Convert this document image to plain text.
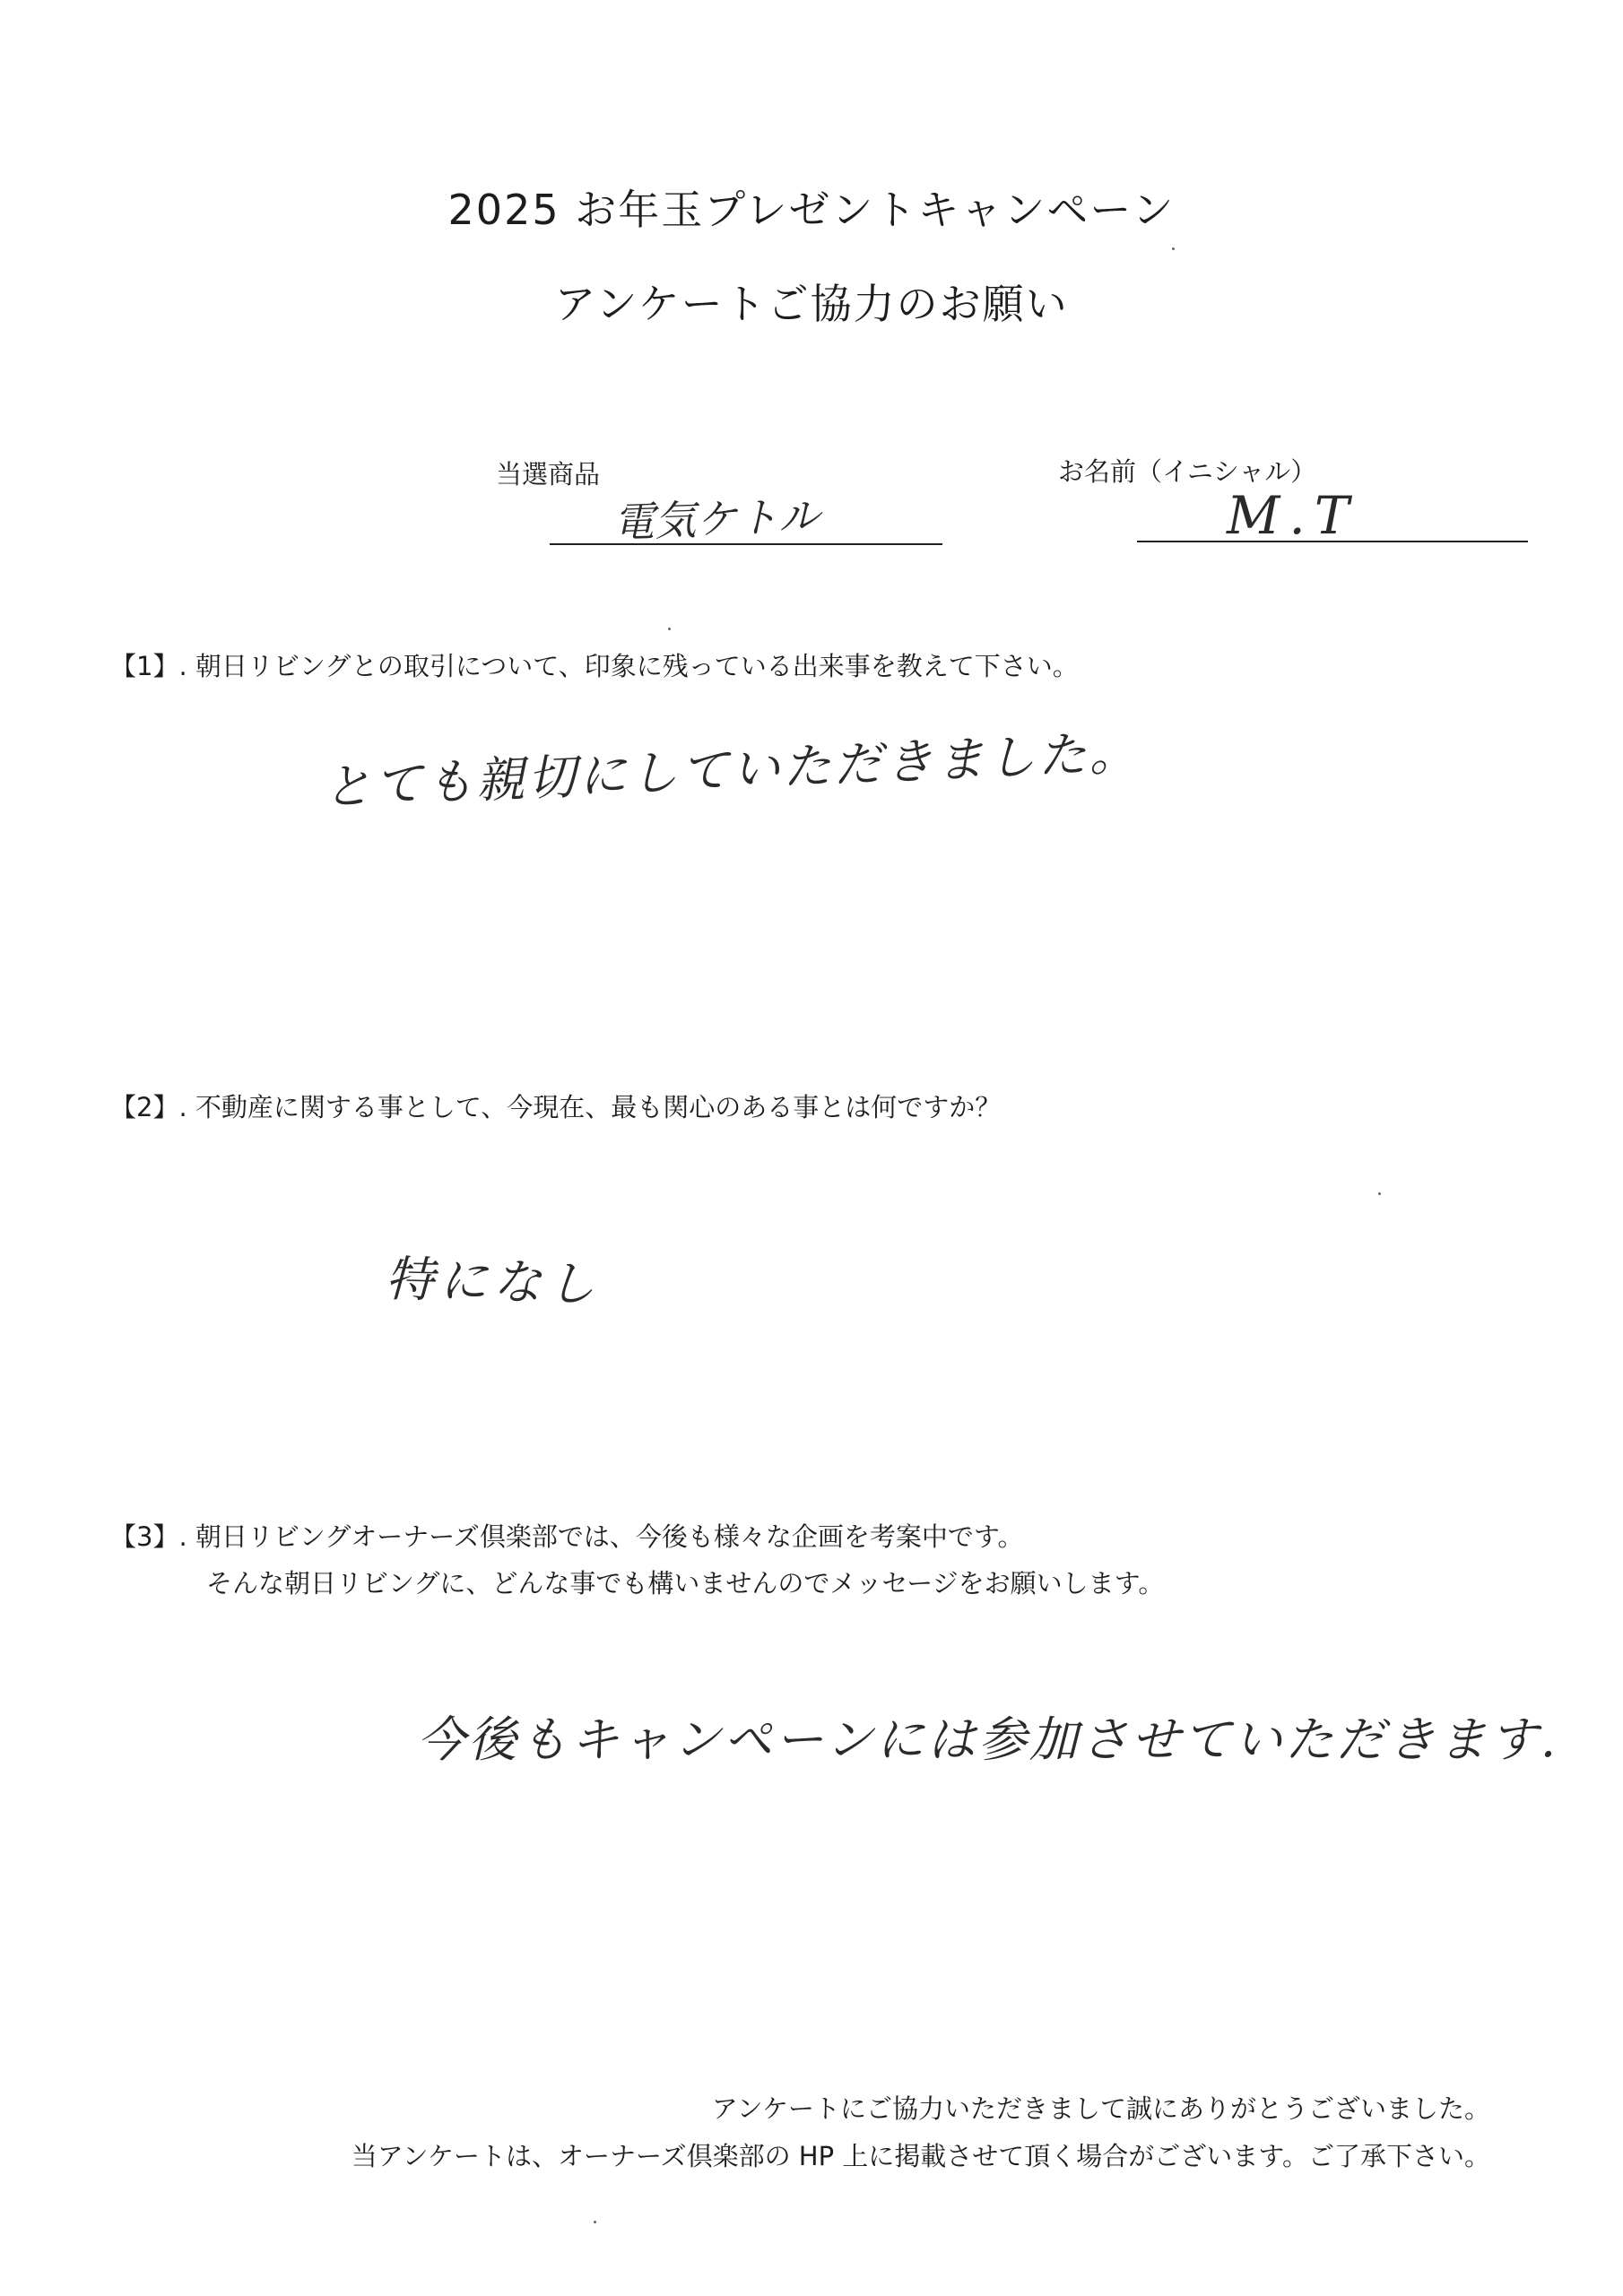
2025 お年玉プレゼントキャンペーン
アンケートご協力のお願い
当選商品
電気ケトル
お名前（イニシャル）
M.T
【1】. 朝日リビングとの取引について、印象に残っている出来事を教えて下さい。
とても親切にしていただきました。
【2】. 不動産に関する事として、今現在、最も関心のある事とは何ですか？
特になし
【3】. 朝日リビングオーナーズ倶楽部では、今後も様々な企画を考案中です。
そんな朝日リビングに、どんな事でも構いませんのでメッセージをお願いします。
今後もキャンペーンには参加させていただきます.
アンケートにご協力いただきまして誠にありがとうございました。
当アンケートは、オーナーズ倶楽部の HP 上に掲載させて頂く場合がございます。ご了承下さい。
